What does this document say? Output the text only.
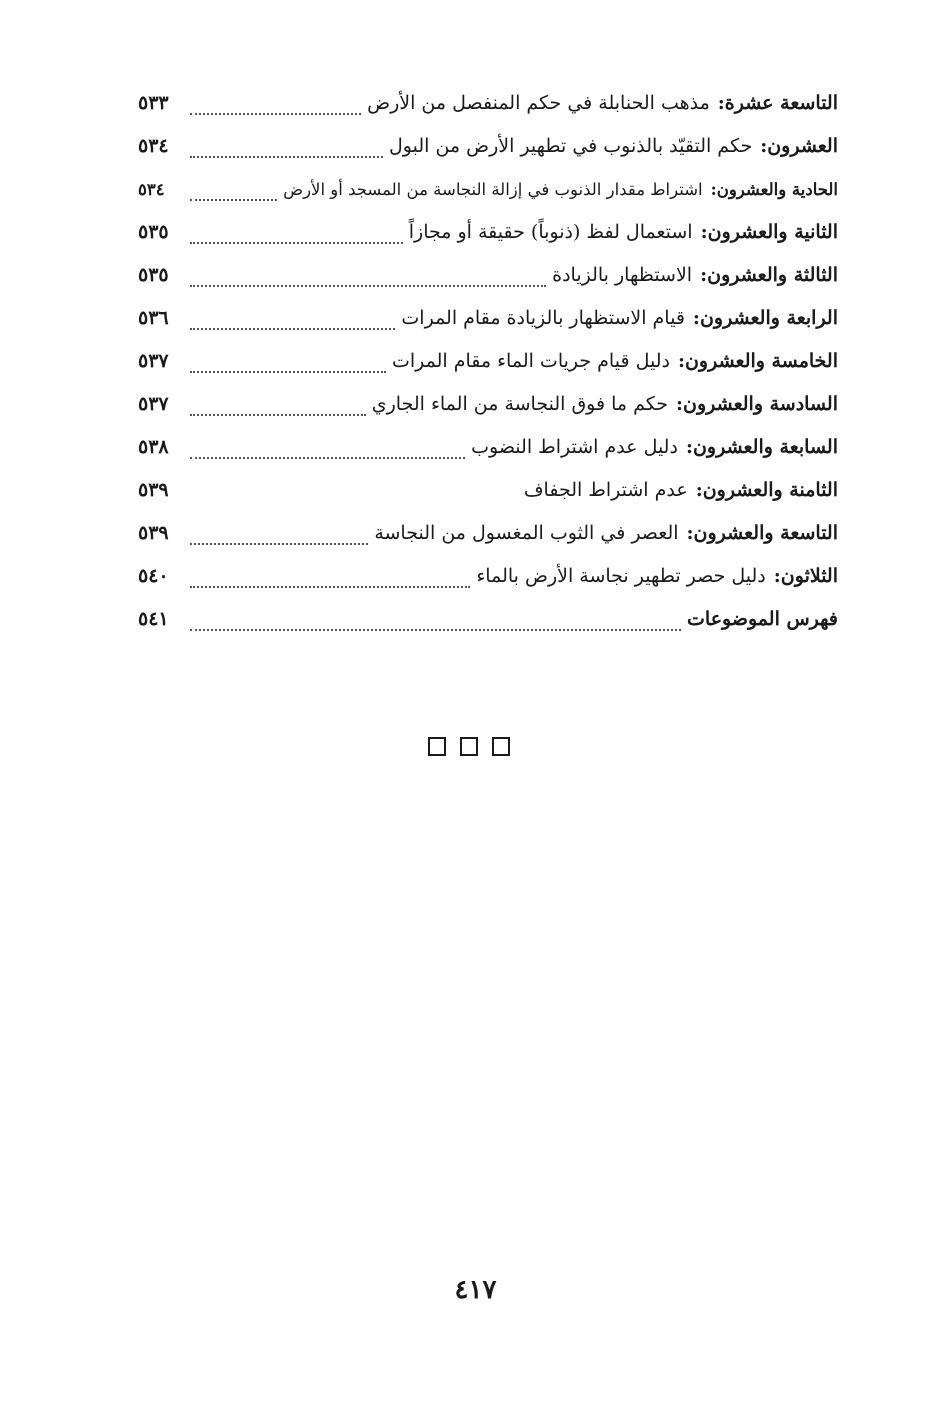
التاسعة عشرة
:
مذهب الحنابلة في حكم المنفصل من الأرض
٥٣٣
العشرون
:
حكم التقيّد بالذنوب في تطهير الأرض من البول
٥٣٤
الحادية والعشرون
:
اشتراط مقدار الذنوب في إزالة النجاسة من المسجد أو الأرض
٥٣٤
الثانية والعشرون
:
استعمال لفظ (ذنوباً) حقيقة أو مجازاً
٥٣٥
الثالثة والعشرون
:
الاستظهار بالزيادة
٥٣٥
الرابعة والعشرون
:
قيام الاستظهار بالزيادة مقام المرات
٥٣٦
الخامسة والعشرون
:
دليل قيام جريات الماء مقام المرات
٥٣٧
السادسة والعشرون
:
حكم ما فوق النجاسة من الماء الجاري
٥٣٧
السابعة والعشرون
:
دليل عدم اشتراط النضوب
٥٣٨
الثامنة والعشرون
:
عدم اشتراط الجفاف
٥٣٩
التاسعة والعشرون
:
العصر في الثوب المغسول من النجاسة
٥٣٩
الثلاثون
:
دليل حصر تطهير نجاسة الأرض بالماء
٥٤٠
فهرس الموضوعات
٥٤١
٤١٧
